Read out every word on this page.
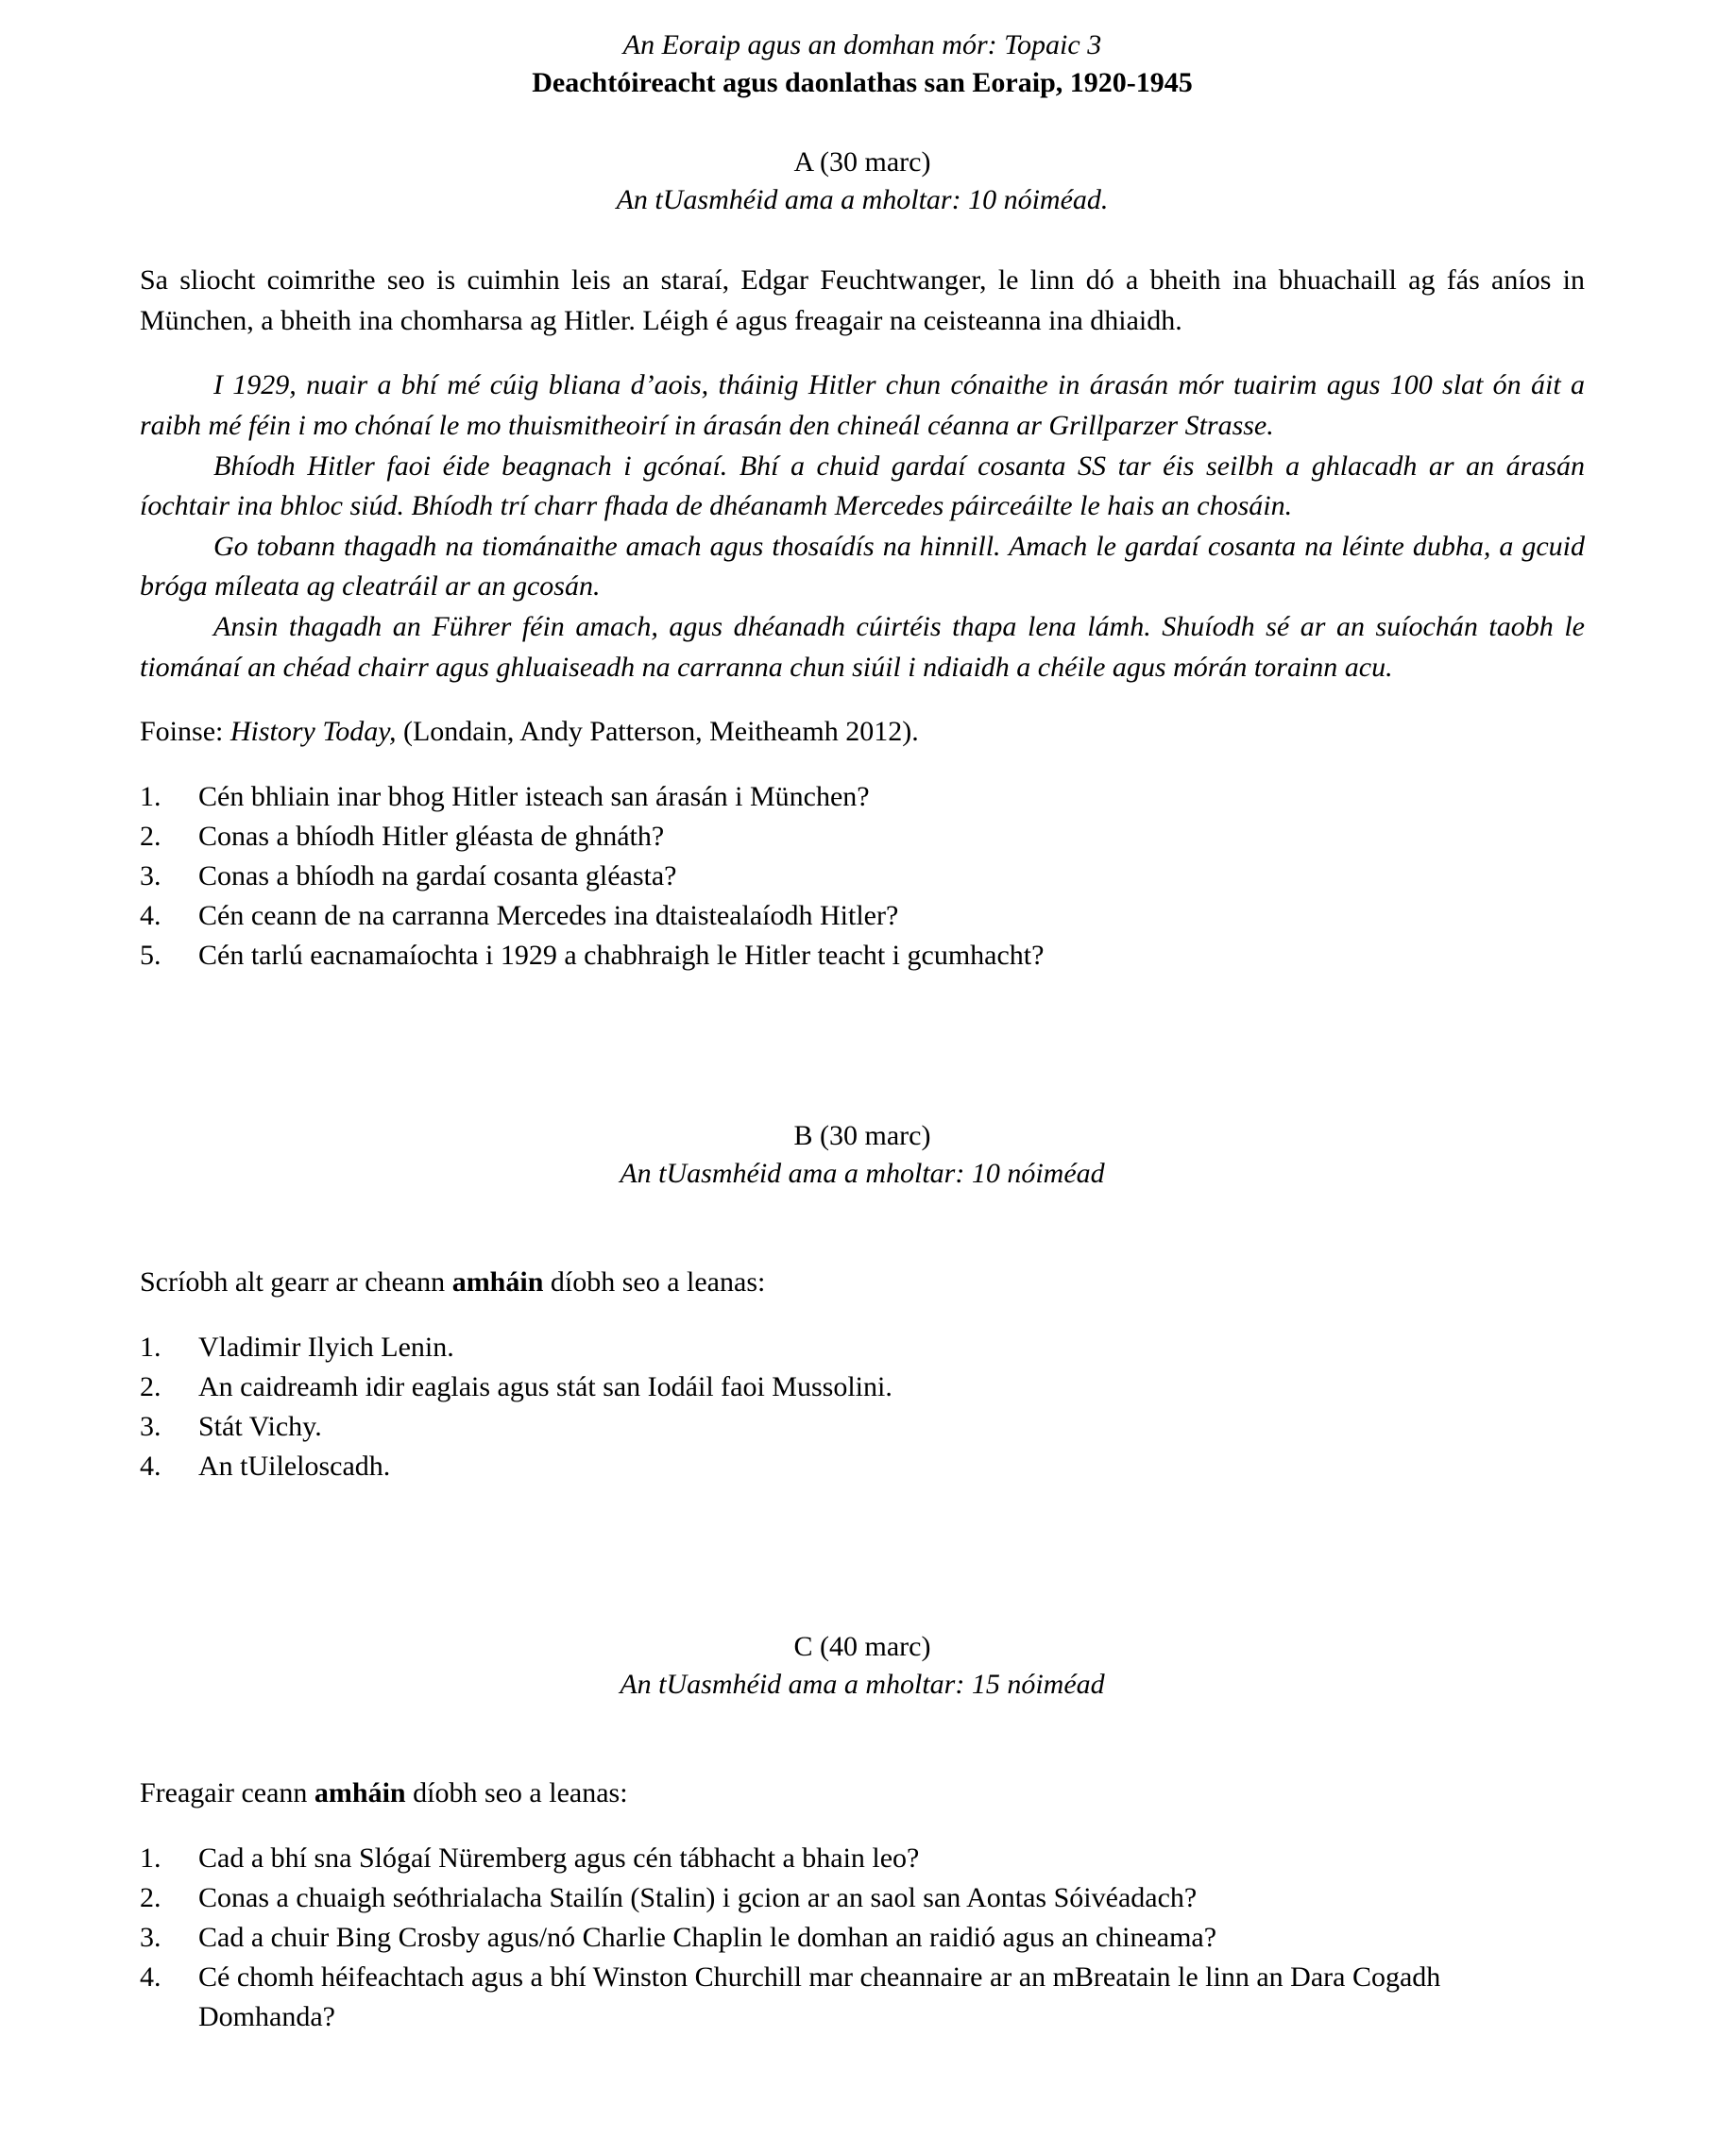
An Eoraip agus an domhan mór: Topaic 3
Deachtóireacht agus daonlathas san Eoraip, 1920-1945
A (30 marc)
An tUasmhéid ama a mholtar: 10 nóiméad.

Sa sliocht coimrithe seo is cuimhin leis an staraí, Edgar Feuchtwanger, le linn dó a bheith ina bhuachaill ag fás aníos in München, a bheith ina chomharsa ag Hitler. Léigh é agus freagair na ceisteanna ina dhiaidh.

I 1929, nuair a bhí mé cúig bliana d’aois, tháinig Hitler chun cónaithe in árasán mór tuairim agus 100 slat ón áit a raibh mé féin i mo chónaí le mo thuismitheoirí in árasán den chineál céanna ar Grillparzer Strasse.

Bhíodh Hitler faoi éide beagnach i gcónaí. Bhí a chuid gardaí cosanta SS tar éis seilbh a ghlacadh ar an árasán íochtair ina bhloc siúd. Bhíodh trí charr fhada de dhéanamh Mercedes páirceáilte le hais an chosáin.

Go tobann thagadh na tiománaithe amach agus thosaídís na hinnill. Amach le gardaí cosanta na léinte dubha, a gcuid bróga míleata ag cleatráil ar an gcosán.

Ansin thagadh an Führer féin amach, agus dhéanadh cúirtéis thapa lena lámh. Shuíodh sé ar an suíochán taobh le tiománaí an chéad chairr agus ghluaiseadh na carranna chun siúil i ndiaidh a chéile agus mórán torainn acu.

Foinse: History Today, (Londain, Andy Patterson, Meitheamh 2012).

1.	Cén bhliain inar bhog Hitler isteach san árasán i München?
2.	Conas a bhíodh Hitler gléasta de ghnáth?
3.	Conas a bhíodh na gardaí cosanta gléasta?
4.	Cén ceann de na carranna Mercedes ina dtaistealaíodh Hitler?
5.	Cén tarlú eacnamaíochta i 1929 a chabhraigh le Hitler teacht i gcumhacht?
B (30 marc)
An tUasmhéid ama a mholtar: 10 nóiméad

Scríobh alt gearr ar cheann amháin díobh seo a leanas:

1.	Vladimir Ilyich Lenin.
2.	An caidreamh idir eaglais agus stát san Iodáil faoi Mussolini.
3.	Stát Vichy.
4.	An tUileloscadh.
C (40 marc)
An tUasmhéid ama a mholtar: 15 nóiméad

Freagair ceann amháin díobh seo a leanas:

1.	Cad a bhí sna Slógaí Nüremberg agus cén tábhacht a bhain leo?
2.	Conas a chuaigh seóthrialacha Stailín (Stalin) i gcion ar an saol san Aontas Sóivéadach?
3.	Cad a chuir Bing Crosby agus/nó Charlie Chaplin le domhan an raidió agus an chineama?
4.	Cé chomh héifeachtach agus a bhí Winston Churchill mar cheannaire ar an mBreatain le linn an Dara Cogadh Domhanda?
